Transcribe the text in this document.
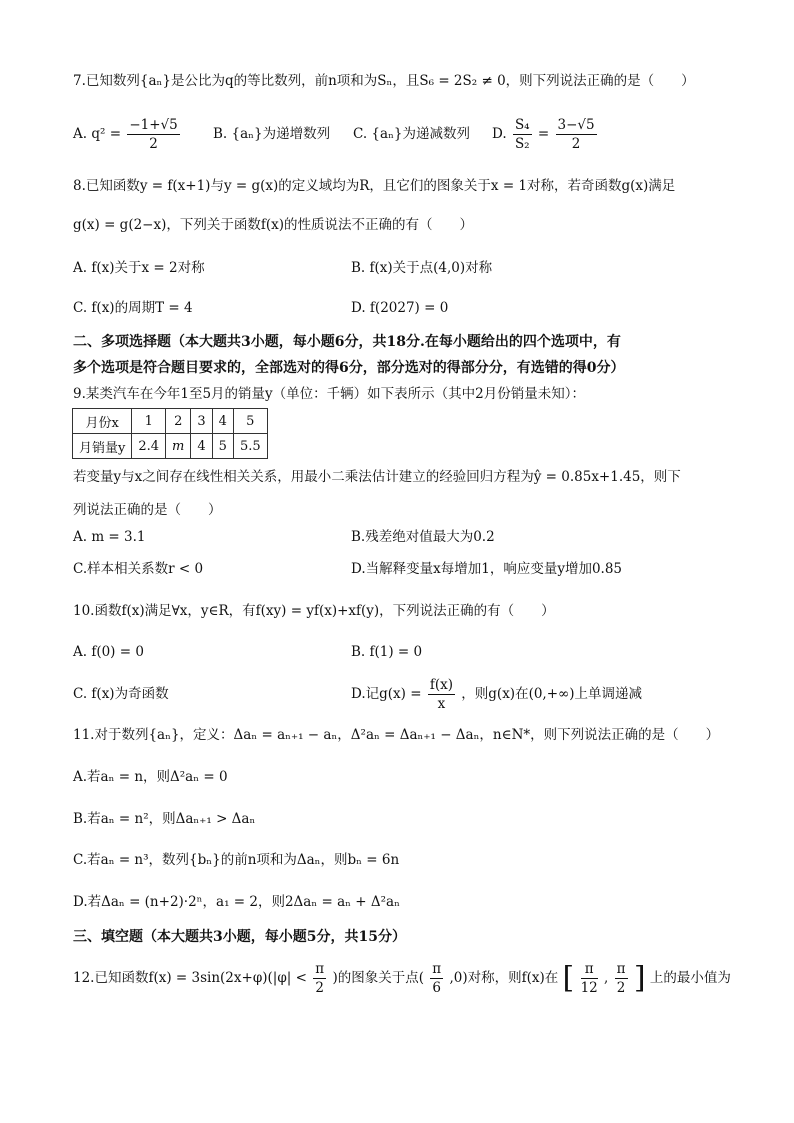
7.已知数列{aₙ}是公比为q的等比数列，前n项和为Sₙ，且S₆ = 2S₂ ≠ 0，则下列说法正确的是（　　）
A. $q^2 = \frac{-1+√5}{2} B$. {aₙ}为递增数列 C. {aₙ}为递减数列 D. $\frac{\text{S₄}}{\text{S₂}} = \frac{3-√5}{2}$
8.已知函数y = f(x+1)与y = g(x)的定义域均为R，且它们的图象关于x = 1对称，若奇函数g(x)满足
g(x) = g(2−x)，下列关于函数f(x)的性质说法不正确的有（　　）
A. f(x)关于x = 2对称	B. f(x)关于点(4,0)对称
C. f(x)的周期T = 4	D. f(2027) = 0
二、多项选择题（本大题共3小题，每小题6分，共18分.在每小题给出的四个选项中，有
多个选项是符合题目要求的，全部选对的得6分，部分选对的得部分分，有选错的得0分）
9.某类汽车在今年1至5月的销量y（单位：千辆）如下表所示（其中2月份销量未知）：
月份x	1	2	3	4	5
月销量y	2.4	m	4	5	5.5
若变量y与x之间存在线性相关关系，用最小二乘法估计建立的经验回归方程为ŷ = 0.85x+1.45，则下
列说法正确的是（　　）
A. m = 3.1	B.残差绝对值最大为0.2
C.样本相关系数r < 0	D.当解释变量x每增加1，响应变量y增加0.85
10.函数f(x)满足∀x，y∈R，有f(xy) = yf(x)+xf(y)，下列说法正确的有（　　）
A. f(0) = 0	B. f(1) = 0
C. f(x)为奇函数	D.记$g(x) = \frac{f(x)}{x}$ ，则g(x)在(0,+∞)上单调递减
11.对于数列{aₙ}，定义：Δaₙ = aₙ₊₁ − aₙ，Δ²aₙ = Δaₙ₊₁ − Δaₙ，n∈N*，则下列说法正确的是（　　）
A.若aₙ = n，则Δ²aₙ = 0
B.若aₙ = n²，则Δaₙ₊₁ > Δaₙ
C.若aₙ = n³，数列{bₙ}的前n项和为Δaₙ，则bₙ = 6n
D.若Δaₙ = (n+2)·2ⁿ，a₁ = 2，则2Δaₙ = aₙ + Δ²aₙ
三、填空题（本大题共3小题，每小题5分，共15分）
12.已知函数$f(x) = 3\sin(2x+\varphi)(|\varphi| < \frac{\pi}{2}$ )的图象关于点( $\frac{\pi}{6} ,0$)对称，则f(x)在 [ $\frac{\pi}{12}$ , $\frac{\pi}{2}$ ] 上的最小值为
